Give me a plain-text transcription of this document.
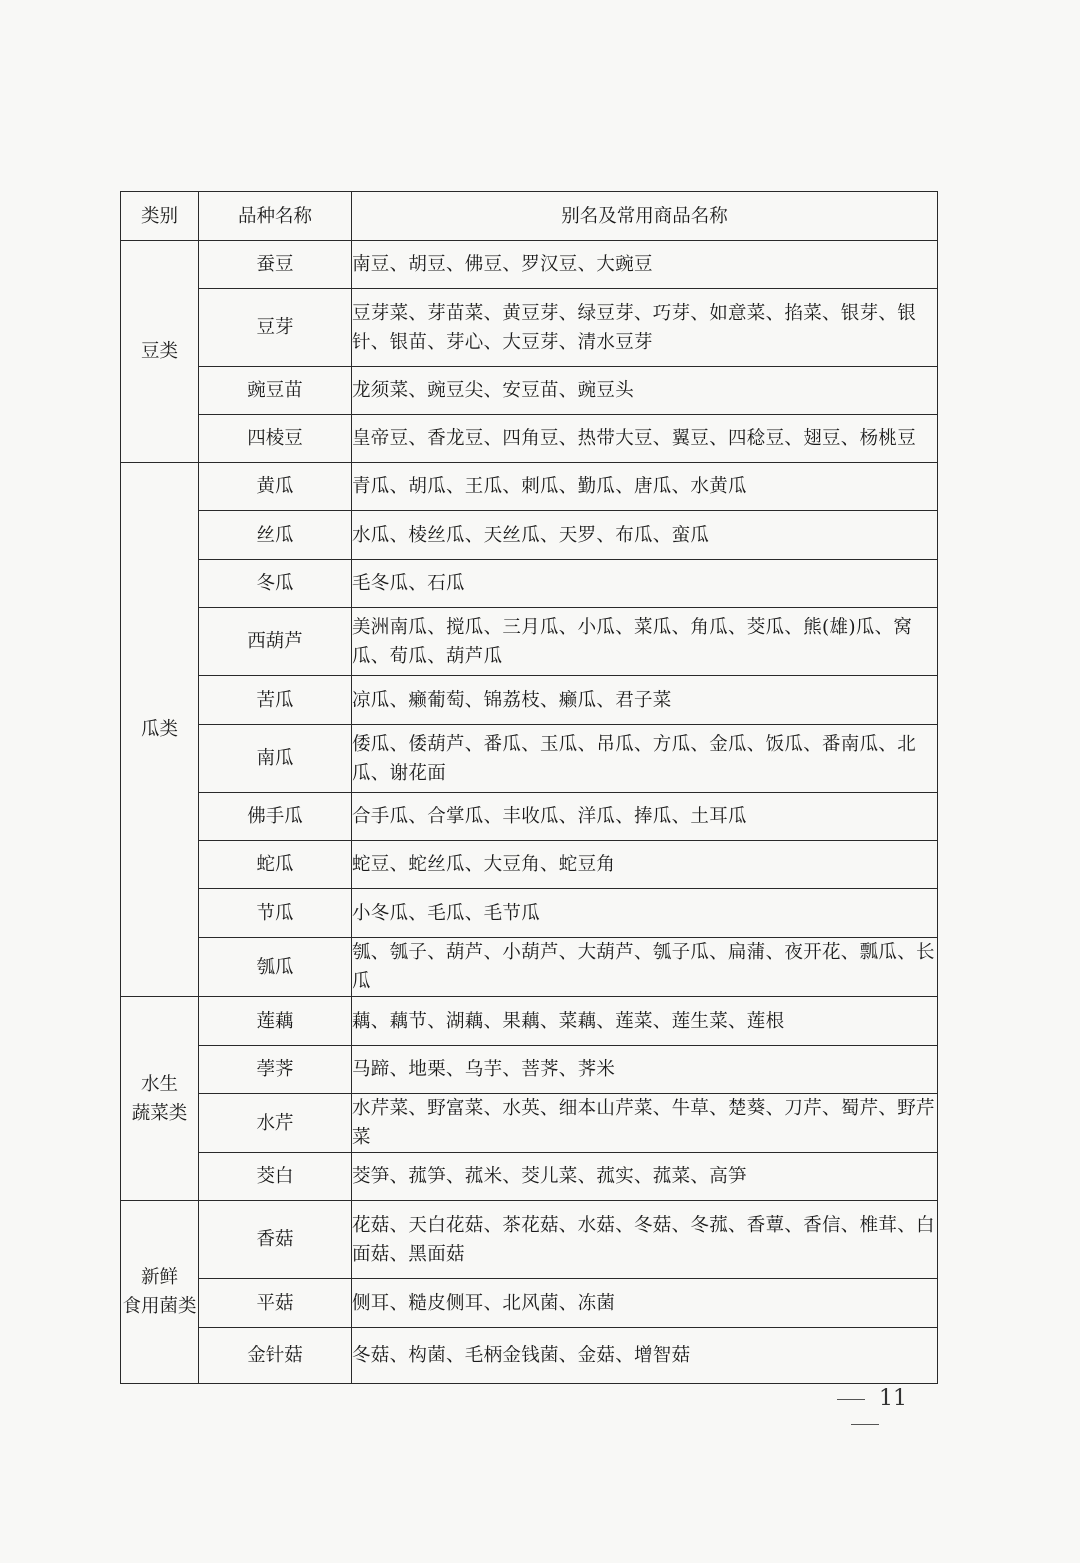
类别	品种名称	别名及常用商品名称
豆类	蚕豆	南豆、胡豆、佛豆、罗汉豆、大豌豆
	豆芽	豆芽菜、芽苗菜、黄豆芽、绿豆芽、巧芽、如意菜、掐菜、银芽、银针、银苗、芽心、大豆芽、清水豆芽
	豌豆苗	龙须菜、豌豆尖、安豆苗、豌豆头
	四棱豆	皇帝豆、香龙豆、四角豆、热带大豆、翼豆、四稔豆、翅豆、杨桃豆
瓜类	黄瓜	青瓜、胡瓜、王瓜、刺瓜、勤瓜、唐瓜、水黄瓜
	丝瓜	水瓜、棱丝瓜、天丝瓜、天罗、布瓜、蛮瓜
	冬瓜	毛冬瓜、石瓜
	西葫芦	美洲南瓜、搅瓜、三月瓜、小瓜、菜瓜、角瓜、茭瓜、熊(雄)瓜、窝瓜、荀瓜、葫芦瓜
	苦瓜	凉瓜、癞葡萄、锦荔枝、癞瓜、君子菜
	南瓜	倭瓜、倭葫芦、番瓜、玉瓜、吊瓜、方瓜、金瓜、饭瓜、番南瓜、北瓜、谢花面
	佛手瓜	合手瓜、合掌瓜、丰收瓜、洋瓜、捧瓜、土耳瓜
	蛇瓜	蛇豆、蛇丝瓜、大豆角、蛇豆角
	节瓜	小冬瓜、毛瓜、毛节瓜
	瓠瓜	瓠、瓠子、葫芦、小葫芦、大葫芦、瓠子瓜、扁蒲、夜开花、瓢瓜、长瓜
水生
蔬菜类	莲藕	藕、藕节、湖藕、果藕、菜藕、莲菜、莲生菜、莲根
	荸荠	马蹄、地栗、乌芋、菩荠、荠米
	水芹	水芹菜、野富菜、水英、细本山芹菜、牛草、楚葵、刀芹、蜀芹、野芹菜
	茭白	茭笋、菰笋、菰米、茭儿菜、菰实、菰菜、高笋
新鲜
食用菌类	香菇	花菇、天白花菇、茶花菇、水菇、冬菇、冬菰、香蕈、香信、椎茸、白面菇、黑面菇
	平菇	侧耳、糙皮侧耳、北风菌、冻菌
	金针菇	冬菇、构菌、毛柄金钱菌、金菇、增智菇
11
